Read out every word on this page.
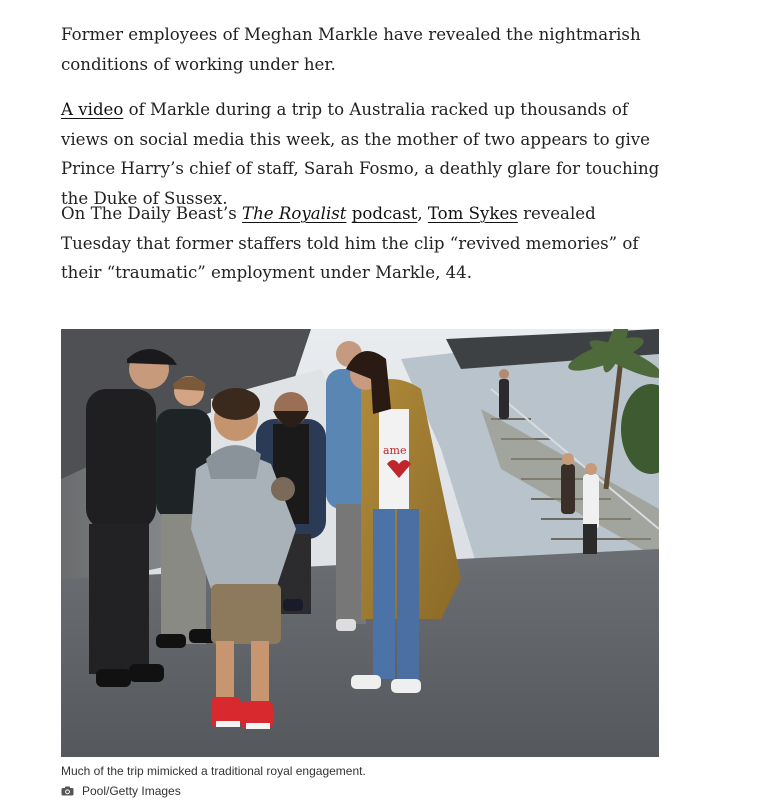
Former employees of Meghan Markle have revealed the nightmarish conditions of working under her.

A video of Markle during a trip to Australia racked up thousands of views on social media this week, as the mother of two appears to give Prince Harry’s chief of staff, Sarah Fosmo, a deathly glare for touching the Duke of Sussex.

On The Daily Beast’s The Royalist podcast, Tom Sykes revealed Tuesday that former staffers told him the clip “revived memories” of their “traumatic” employment under Markle, 44.

ame
Much of the trip mimicked a traditional royal engagement.
Pool/Getty Images
